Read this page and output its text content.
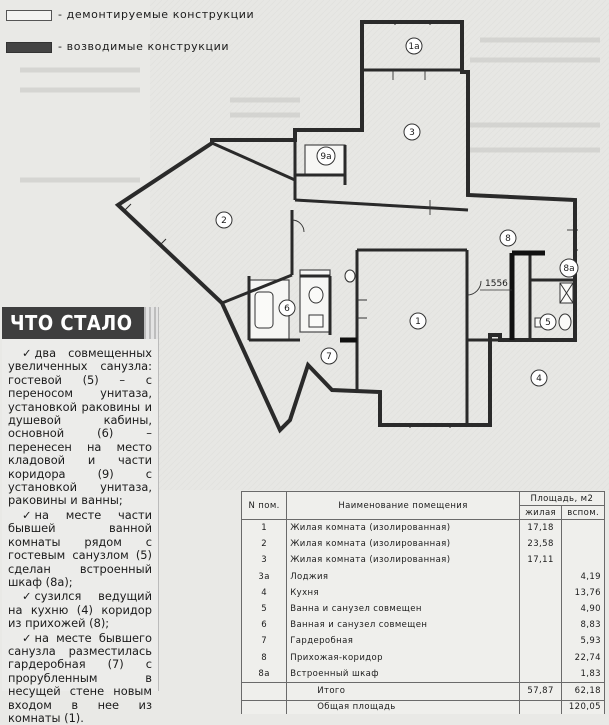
1a
3
9a
2
8
8a
6
5
1
7
4
1556
- демонтируемые конструкции
- возводимые конструкции
ЧТО СТАЛО

✓ два совмещенных увеличенных санузла: гостевой (5) – с переносом унитаза, установкой раковины и душевой кабины, основной (6) – перенесен на место кладовой и части коридора (9) с установкой унитаза, раковины и ванны;

✓ на месте части бывшей ванной комнаты рядом с гостевым санузлом (5) сделан встроенный шкаф (8а);

✓ сузился ведущий на кухню (4) коридор из прихожей (8);

✓ на месте бывшего санузла разместилась гардеробная (7) с прорубленным в несущей стене новым входом в нее из комнаты (1).

N пом.	Наименование помещения	Площадь, м2	
		жилая	вспом.
1	Жилая комната (изолированная)	17,18	
2	Жилая комната (изолированная)	23,58	
3	Жилая комната (изолированная)	17,11	
3а	Лоджия		4,19
4	Кухня		13,76
5	Ванна и санузел совмещен		4,90
6	Ванная и санузел совмещен		8,83
7	Гардеробная		5,93
8	Прихожая-коридор		22,74
8а	Встроенный шкаф		1,83
	Итого	57,87	62,18
	Общая площадь		120,05
